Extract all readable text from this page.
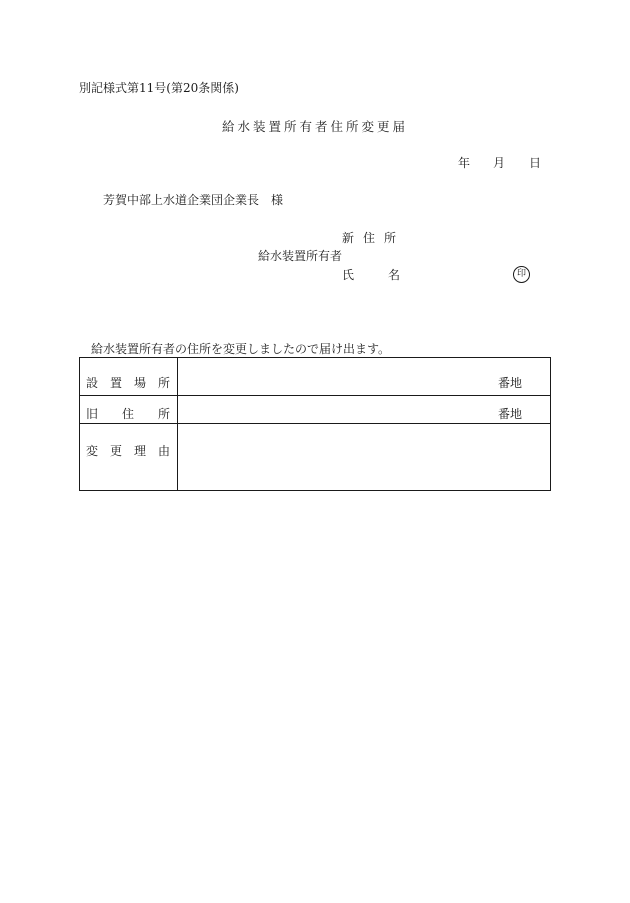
別記様式第11号(第20条関係)
給水装置所有者住所変更届
年 月 日
芳賀中部上水道企業団企業長　様
新住所
給水装置所有者
氏	名	印
給水装置所有者の住所を変更しましたので届け出ます。
設 置 場 所	番地

旧 住 所	番地

変 更 理 由	
